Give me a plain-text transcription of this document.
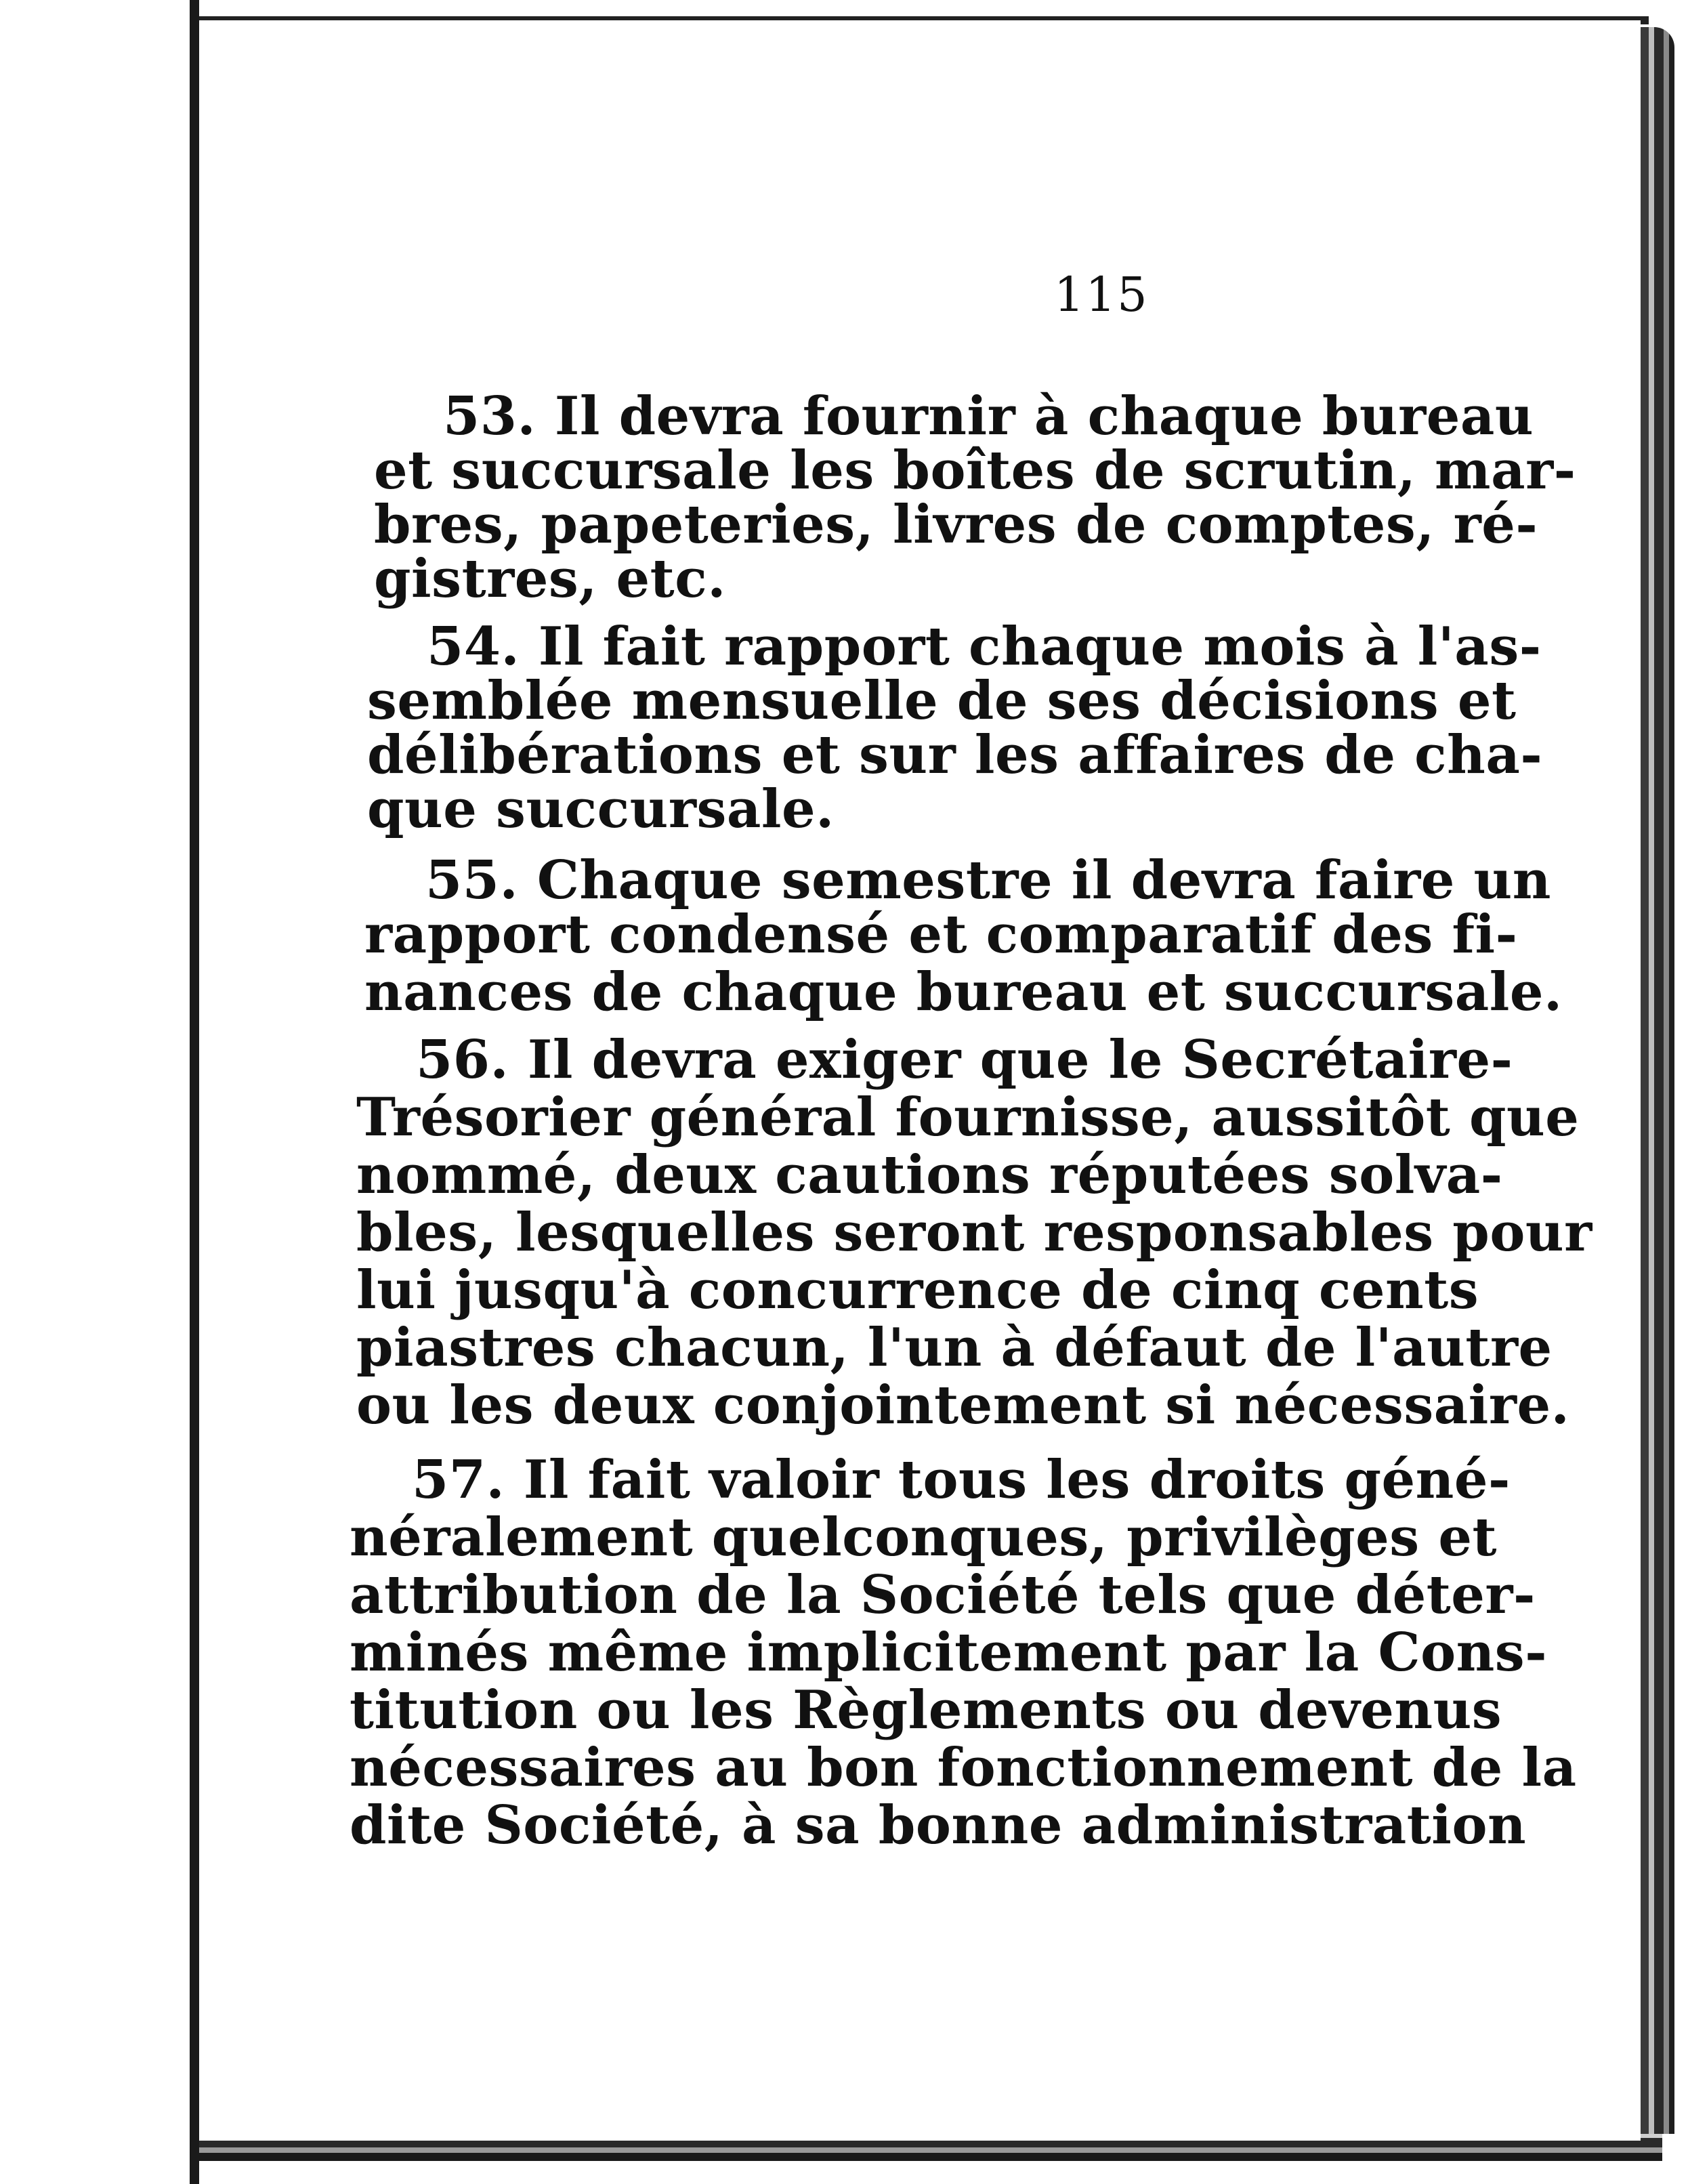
115
53. Il devra fournir à chaque bureau
et succursale les boîtes de scrutin, mar-
bres, papeteries, livres de comptes, ré-
gistres, etc.
54. Il fait rapport chaque mois à l'as-
semblée mensuelle de ses décisions et
délibérations et sur les affaires de cha-
que succursale.
55. Chaque semestre il devra faire un
rapport condensé et comparatif des fi-
nances de chaque bureau et succursale.
56. Il devra exiger que le Secrétaire-
Trésorier général fournisse, aussitôt que
nommé, deux cautions réputées solva-
bles, lesquelles seront responsables pour
lui jusqu'à concurrence de cinq cents
piastres chacun, l'un à défaut de l'autre
ou les deux conjointement si nécessaire.
57. Il fait valoir tous les droits géné-
néralement quelconques, privilèges et
attribution de la Société tels que déter-
minés même implicitement par la Cons-
titution ou les Règlements ou devenus
nécessaires au bon fonctionnement de la
dite Société, à sa bonne administration
